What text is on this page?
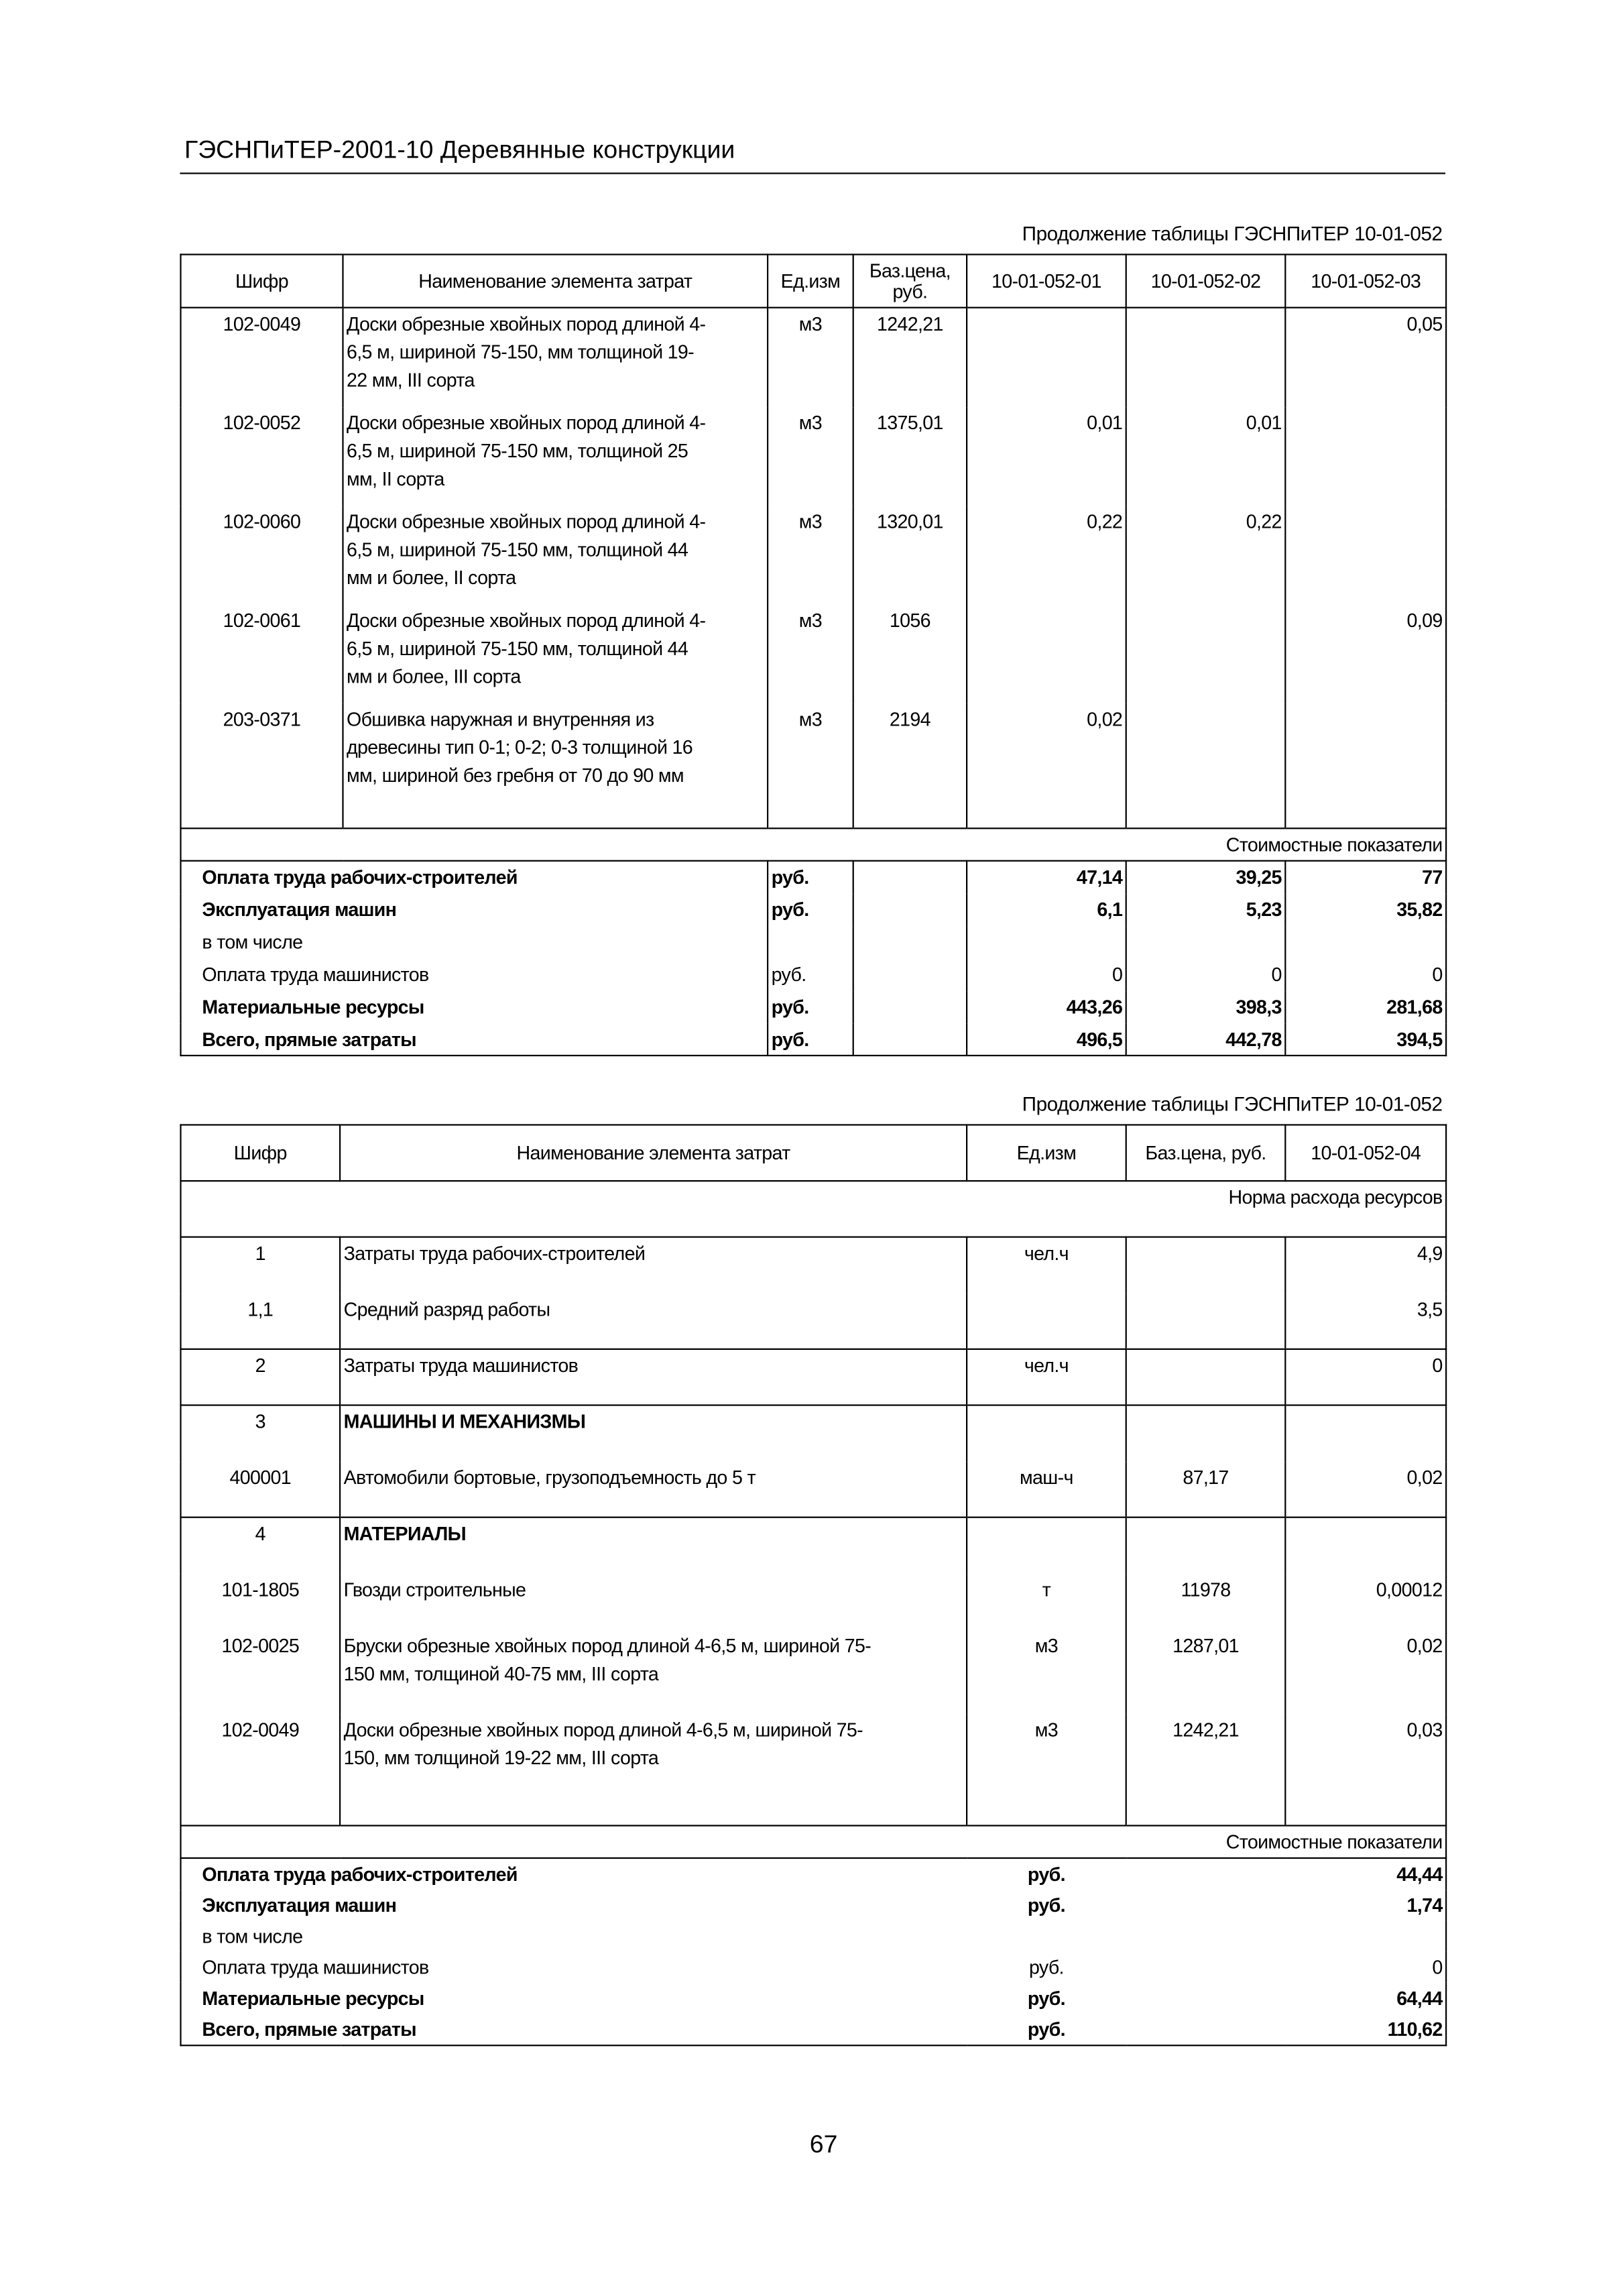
ГЭСНПиТЕР-2001-10 Деревянные конструкции
Продолжение таблицы ГЭСНПиТЕР 10-01-052
Шифр	Наименование элемента затрат	Ед.изм	Баз.цена, руб.	10-01-052-01	10-01-052-02	10-01-052-03
102-0049	Доски обрезные хвойных пород длиной 4-
6,5 м, шириной 75-150, мм толщиной 19-
22 мм, III сорта	м3	1242,21			0,05
102-0052	Доски обрезные хвойных пород длиной 4-
6,5 м, шириной 75-150 мм, толщиной 25
мм, II сорта	м3	1375,01	0,01	0,01	
102-0060	Доски обрезные хвойных пород длиной 4-
6,5 м, шириной 75-150 мм, толщиной 44
мм и более, II сорта	м3	1320,01	0,22	0,22	
102-0061	Доски обрезные хвойных пород длиной 4-
6,5 м, шириной 75-150 мм, толщиной 44
мм и более, III сорта	м3	1056			0,09
203-0371	Обшивка наружная и внутренняя из
древесины тип 0-1; 0-2; 0-3 толщиной 16
мм, шириной без гребня от 70 до 90 мм	м3	2194	0,02		
Стоимостные показатели						
Оплата труда рабочих-строителей		руб.		47,14	39,25	77
Эксплуатация машин		руб.		6,1	5,23	35,82
в том числе						
Оплата труда машинистов		руб.		0	0	0
Материальные ресурсы		руб.		443,26	398,3	281,68
Всего, прямые затраты		руб.		496,5	442,78	394,5
Продолжение таблицы ГЭСНПиТЕР 10-01-052
Шифр	Наименование элемента затрат	Ед.изм	Баз.цена, руб.	10-01-052-04
Норма расхода ресурсов				
1	Затраты труда рабочих-строителей	чел.ч		4,9
1,1	Средний разряд работы			3,5
2	Затраты труда машинистов	чел.ч		0
3	МАШИНЫ И МЕХАНИЗМЫ			
400001	Автомобили бортовые, грузоподъемность до 5 т	маш-ч	87,17	0,02
4	МАТЕРИАЛЫ			
101-1805	Гвозди строительные	т	11978	0,00012
102-0025	Бруски обрезные хвойных пород длиной 4-6,5 м, шириной 75-
150 мм, толщиной 40-75 мм, III сорта	м3	1287,01	0,02
102-0049	Доски обрезные хвойных пород длиной 4-6,5 м, шириной 75-
150, мм толщиной 19-22 мм, III сорта	м3	1242,21	0,03
Стоимостные показатели				
Оплата труда рабочих-строителей		руб.		44,44
Эксплуатация машин		руб.		1,74
в том числе				
Оплата труда машинистов		руб.		0
Материальные ресурсы		руб.		64,44
Всего, прямые затраты		руб.		110,62
67
